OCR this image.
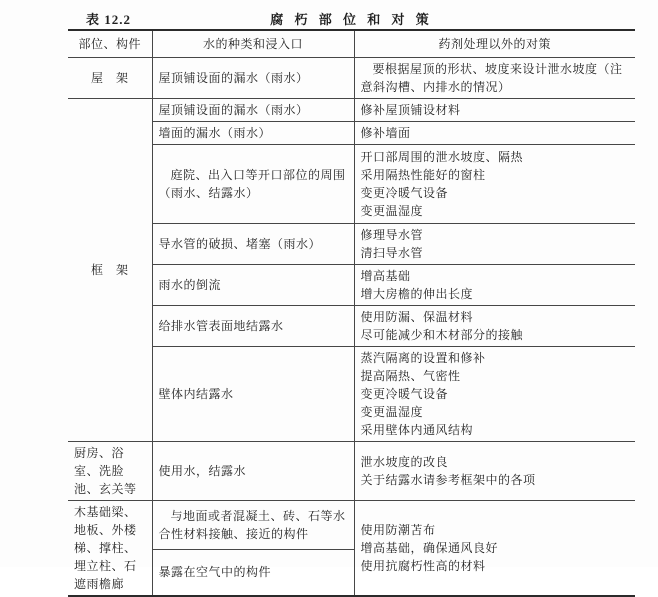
表 12.2	腐 朽 部 位 和 对 策
部位、构件	水的种类和浸入口	药剂处理以外的对策
屋　架	屋顶铺设面的漏水（雨水）	要根据屋顶的形状、坡度来设计泄水坡度（注意斜沟槽、内排水的情况）

框　架	屋顶铺设面的漏水（雨水）	修补屋顶铺设材料
	墙面的漏水（雨水）	修补墙面

	庭院、出入口等开口部位的周围（雨水、结露水）	开口部周围的泄水坡度、隔热
采用隔热性能好的窗柱
变更冷暖气设备
变更温湿度

	导水管的破损、堵塞（雨水）	修理导水管
清扫导水管

	雨水的倒流	增高基础
增大房檐的伸出长度

	给排水管表面地结露水	使用防漏、保温材料
尽可能减少和木材部分的接触

	壁体内结露水	蒸汽隔离的设置和修补
提高隔热、气密性
变更冷暖气设备
变更温湿度
采用壁体内通风结构

厨房、浴室、洗脸池、玄关等	使用水，结露水	泄水坡度的改良
关于结露水请参考框架中的各项

木基础梁、地板、外楼梯、撑柱、埋立柱、石遮雨檐廊	与地面或者混凝土、砖、石等水合性材料接触、接近的构件	使用防潮苫布
增高基础，确保通风良好
使用抗腐朽性高的材料

	暴露在空气中的构件	
